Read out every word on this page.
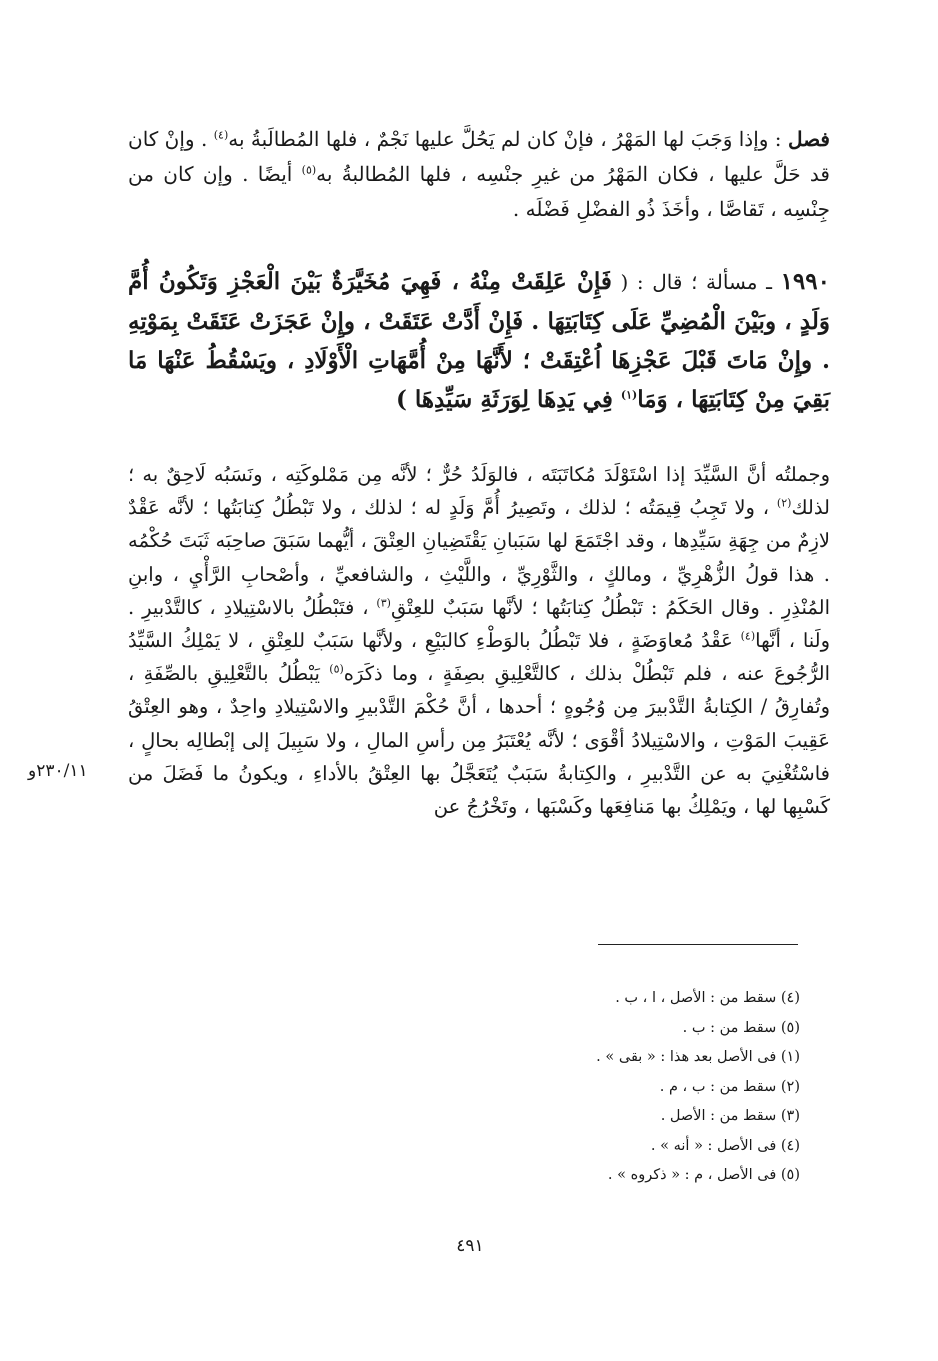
فصل : وإذا وَجَبَ لها المَهْرُ ، فإنْ كان لم يَحُلَّ عليها نَجْمٌ ، فلها المُطالَبةُ به$^{(٤)}$ . وإنْ كان قد حَلَّ عليها ، فكان المَهْرُ من غيرِ جنْسِه ، فلها المُطالبةُ به$^{(٥)}$ أيضًا . وإن كان من جِنْسِه ، تَقاصَّا ، وأخَذَ ذُو الفضْلِ فَضْلَه .
١٩٩٠ ـ مسألة ؛ قال : ( فَإِنْ عَلِقَتْ مِنْهُ ، فَهِيَ مُخَيَّرَةٌ بَيْنَ الْعَجْزِ وَتَكُونُ أُمَّ وَلَدٍ ، وبَيْنَ الْمُضِيِّ عَلَى كِتَابَتِهَا . فَإِنْ أَدَّتْ عَتَقَتْ ، وإِنْ عَجَزَتْ عَتَقَتْ بِمَوْتِهِ . وإِنْ مَاتَ قَبْلَ عَجْزِهَا اُعْتِقَتْ ؛ لأَنَّهَا مِنْ أُمَّهَاتِ الْأَوْلَادِ ، ويَسْقُطُ عَنْهَا مَا بَقِيَ مِنْ كِتَابَتِهَا ، وَمَا$^{(١)}$ فِي يَدِهَا لِوَرَثَةِ سَيِّدِهَا )
وجملتُه أنَّ السَّيِّدَ إذا اسْتَوْلَدَ مُكاتَبَتَه ، فالوَلَدُ حُرٌّ ؛ لأنَّه مِن مَمْلوكَتِه ، ونَسَبُه لَاحِقٌ به ؛ لذلك$^{(٢)}$ ، ولا تَجِبُ قِيمَتُه ؛ لذلك ، وتَصِيرُ أُمَّ وَلَدٍ له ؛ لذلك ، ولا تَبْطُلُ كِتابَتُها ؛ لأنَّه عَقْدٌ لازِمٌ من جِهَةِ سَيِّدِها ، وقد اجْتَمَعَ لها سَبَبانِ يَقْتَضِيانِ العِتْقَ ، أيُّهما سَبَقَ صاحِبَه ثَبَتَ حُكْمُه . هذا قولُ الزُّهْرِيِّ ، ومالكٍ ، والثَّوْرِيِّ ، واللَّيْثِ ، والشافعيِّ ، وأصْحابِ الرَّأْيِ ، وابنِ المُنْذِرِ . وقال الحَكَمُ : تَبْطُلُ كِتابَتُها ؛ لأنَّها سَبَبٌ للعِتْقِ$^{(٣)}$ ، فتَبْطُلُ بالاسْتِيلادِ ، كالتَّدْبيرِ . ولَنا ، أنَّها$^{(٤)}$ عَقْدُ مُعاوَضَةٍ ، فلا تَبْطُلُ بالوَطْءِ كالبَيْعِ ، ولأنَّها سَبَبٌ للعِتْقِ ، لا يَمْلِكُ السَّيِّدُ الرُّجُوعَ عنه ، فلم تَبْطُلْ بذلك ، كالتَّعْلِيقِ بصِفَةٍ ، وما ذكَرَه$^{(٥)}$ يَبْطُلُ بالتَّعْلِيقِ بالصِّفَةِ ، وتُفارِقُ / الكِتابةُ التَّدْبيرَ مِن وُجُوهٍ ؛ أحدها ، أنَّ حُكْمَ التَّدْبيرِ والاسْتِيلادِ واحِدٌ ، وهو العِتْقُ عَقِيبَ المَوْتِ ، والاسْتِيلادُ أقْوَى ؛ لأنَّه يُعْتَبَرُ مِن رأسِ المالِ ، ولا سَبِيلَ إلى إبْطالِه بحالٍ ، فاسْتُغْنِيَ به عن التَّدْبيرِ ، والكِتابةُ سَبَبٌ يُتَعَجَّلُ بها العِتْقُ بالأداءِ ، ويكونُ ما فَضَلَ من كَسْبِها لها ، ويَمْلِكُ بها مَنافِعَها وكَسْبَها ، وتَخْرُجُ عن
٢٣٠/١١و
(٤) سقط من : الأصل ، ا ، ب .
(٥) سقط من : ب .
(١) فى الأصل بعد هذا : « بقى » .
(٢) سقط من : ب ، م .
(٣) سقط من : الأصل .
(٤) فى الأصل : « أنه » .
(٥) فى الأصل ، م : « ذكروه » .
٤٩١
